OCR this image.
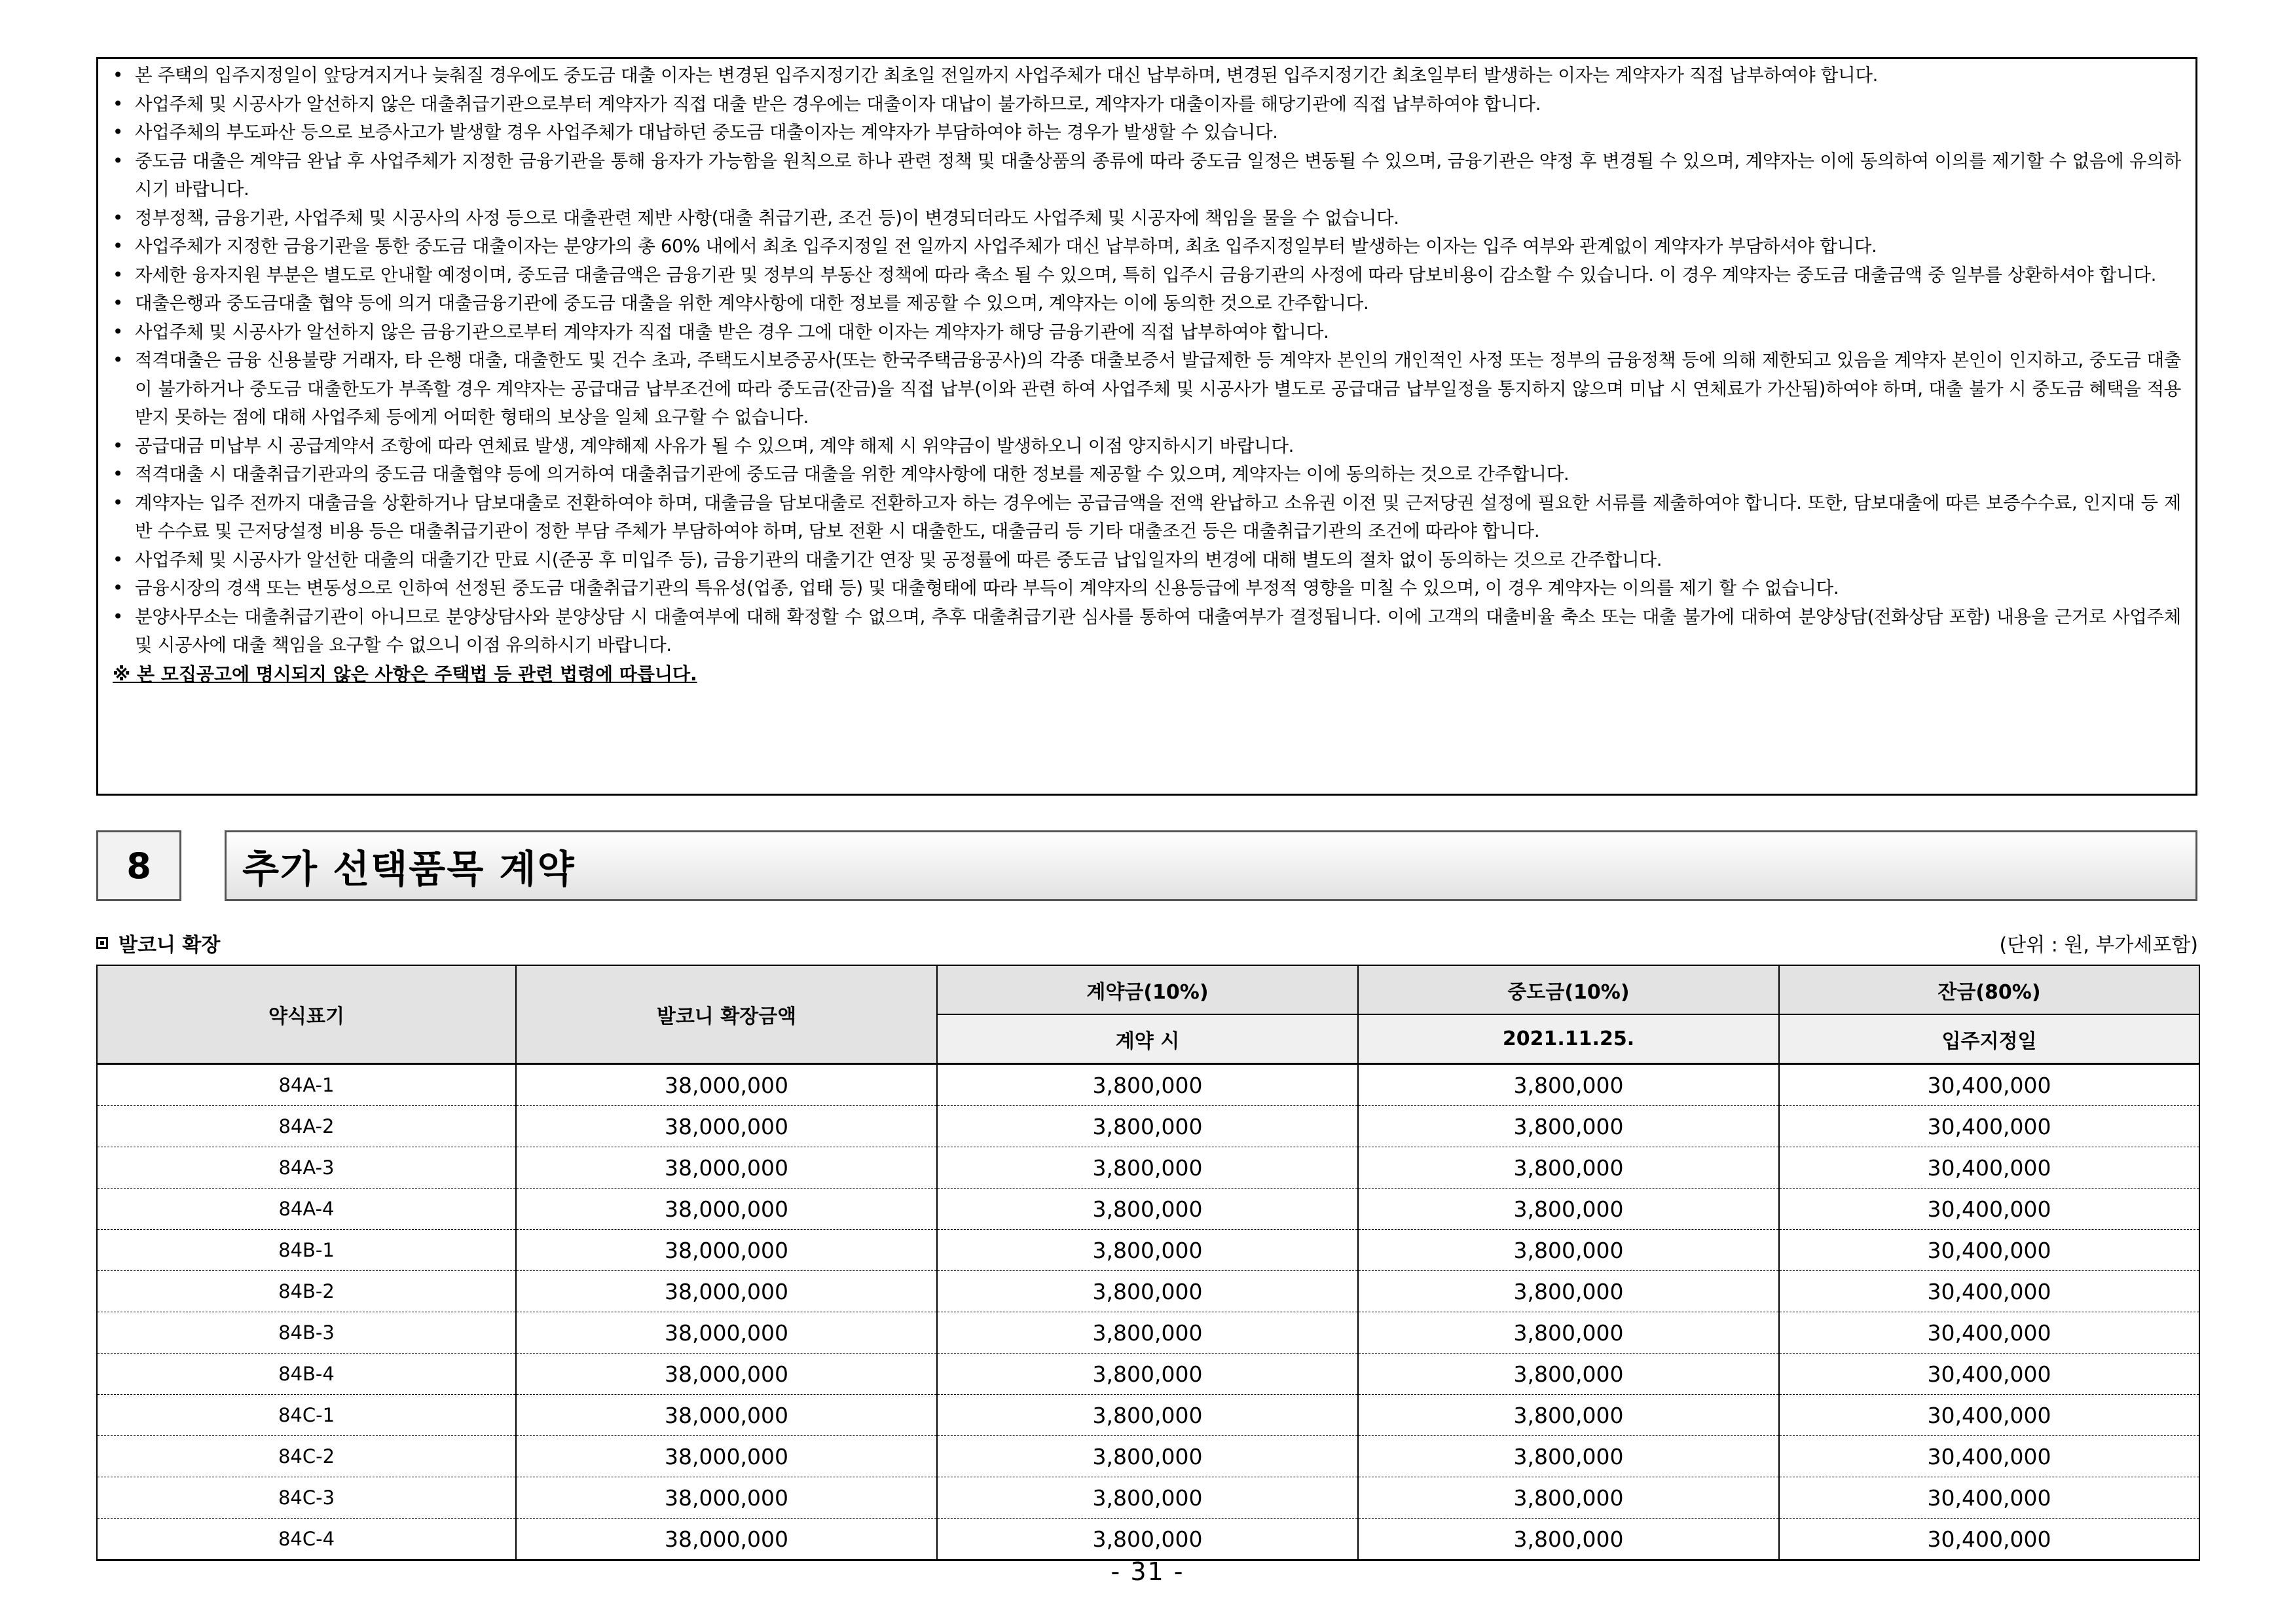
• 본 주택의 입주지정일이 앞당겨지거나 늦춰질 경우에도 중도금 대출 이자는 변경된 입주지정기간 최초일 전일까지 사업주체가 대신 납부하며, 변경된 입주지정기간 최초일부터 발생하는 이자는 계약자가 직접 납부하여야 합니다.
• 사업주체 및 시공사가 알선하지 않은 대출취급기관으로부터 계약자가 직접 대출 받은 경우에는 대출이자 대납이 불가하므로, 계약자가 대출이자를 해당기관에 직접 납부하여야 합니다.
• 사업주체의 부도파산 등으로 보증사고가 발생할 경우 사업주체가 대납하던 중도금 대출이자는 계약자가 부담하여야 하는 경우가 발생할 수 있습니다.
• 중도금 대출은 계약금 완납 후 사업주체가 지정한 금융기관을 통해 융자가 가능함을 원칙으로 하나 관련 정책 및 대출상품의 종류에 따라 중도금 일정은 변동될 수 있으며, 금융기관은 약정 후 변경될 수 있으며, 계약자는 이에 동의하여 이의를 제기할 수 없음에 유의하시기 바랍니다.
• 정부정책, 금융기관, 사업주체 및 시공사의 사정 등으로 대출관련 제반 사항(대출 취급기관, 조건 등)이 변경되더라도 사업주체 및 시공자에 책임을 물을 수 없습니다.
• 사업주체가 지정한 금융기관을 통한 중도금 대출이자는 분양가의 총 60% 내에서 최초 입주지정일 전 일까지 사업주체가 대신 납부하며, 최초 입주지정일부터 발생하는 이자는 입주 여부와 관계없이 계약자가 부담하셔야 합니다.
• 자세한 융자지원 부분은 별도로 안내할 예정이며, 중도금 대출금액은 금융기관 및 정부의 부동산 정책에 따라 축소 될 수 있으며, 특히 입주시 금융기관의 사정에 따라 담보비용이 감소할 수 있습니다. 이 경우 계약자는 중도금 대출금액 중 일부를 상환하셔야 합니다.
• 대출은행과 중도금대출 협약 등에 의거 대출금융기관에 중도금 대출을 위한 계약사항에 대한 정보를 제공할 수 있으며, 계약자는 이에 동의한 것으로 간주합니다.
• 사업주체 및 시공사가 알선하지 않은 금융기관으로부터 계약자가 직접 대출 받은 경우 그에 대한 이자는 계약자가 해당 금융기관에 직접 납부하여야 합니다.
• 적격대출은 금융 신용불량 거래자, 타 은행 대출, 대출한도 및 건수 초과, 주택도시보증공사(또는 한국주택금융공사)의 각종 대출보증서 발급제한 등 계약자 본인의 개인적인 사정 또는 정부의 금융정책 등에 의해 제한되고 있음을 계약자 본인이 인지하고, 중도금 대출이 불가하거나 중도금 대출한도가 부족할 경우 계약자는 공급대금 납부조건에 따라 중도금(잔금)을 직접 납부(이와 관련 하여 사업주체 및 시공사가 별도로 공급대금 납부일정을 통지하지 않으며 미납 시 연체료가 가산됨)하여야 하며, 대출 불가 시 중도금 혜택을 적용받지 못하는 점에 대해 사업주체 등에게 어떠한 형태의 보상을 일체 요구할 수 없습니다.
• 공급대금 미납부 시 공급계약서 조항에 따라 연체료 발생, 계약해제 사유가 될 수 있으며, 계약 해제 시 위약금이 발생하오니 이점 양지하시기 바랍니다.
• 적격대출 시 대출취급기관과의 중도금 대출협약 등에 의거하여 대출취급기관에 중도금 대출을 위한 계약사항에 대한 정보를 제공할 수 있으며, 계약자는 이에 동의하는 것으로 간주합니다.
• 계약자는 입주 전까지 대출금을 상환하거나 담보대출로 전환하여야 하며, 대출금을 담보대출로 전환하고자 하는 경우에는 공급금액을 전액 완납하고 소유권 이전 및 근저당권 설정에 필요한 서류를 제출하여야 합니다. 또한, 담보대출에 따른 보증수수료, 인지대 등 제반 수수료 및 근저당설정 비용 등은 대출취급기관이 정한 부담 주체가 부담하여야 하며, 담보 전환 시 대출한도, 대출금리 등 기타 대출조건 등은 대출취급기관의 조건에 따라야 합니다.
• 사업주체 및 시공사가 알선한 대출의 대출기간 만료 시(준공 후 미입주 등), 금융기관의 대출기간 연장 및 공정률에 따른 중도금 납입일자의 변경에 대해 별도의 절차 없이 동의하는 것으로 간주합니다.
• 금융시장의 경색 또는 변동성으로 인하여 선정된 중도금 대출취급기관의 특유성(업종, 업태 등) 및 대출형태에 따라 부득이 계약자의 신용등급에 부정적 영향을 미칠 수 있으며, 이 경우 계약자는 이의를 제기 할 수 없습니다.
• 분양사무소는 대출취급기관이 아니므로 분양상담사와 분양상담 시 대출여부에 대해 확정할 수 없으며, 추후 대출취급기관 심사를 통하여 대출여부가 결정됩니다. 이에 고객의 대출비율 축소 또는 대출 불가에 대하여 분양상담(전화상담 포함) 내용을 근거로 사업주체 및 시공사에 대출 책임을 요구할 수 없으니 이점 유의하시기 바랍니다.
※ 본 모집공고에 명시되지 않은 사항은 주택법 등 관련 법령에 따릅니다.
8	추가 선택품목 계약
발코니 확장	(단위 : 원, 부가세포함)
약식표기	발코니 확장금액	계약금(10%)	중도금(10%)	잔금(80%)
		계약 시	2021.11.25.	입주지정일
84A-1	38,000,000	3,800,000	3,800,000	30,400,000
84A-2	38,000,000	3,800,000	3,800,000	30,400,000
84A-3	38,000,000	3,800,000	3,800,000	30,400,000
84A-4	38,000,000	3,800,000	3,800,000	30,400,000
84B-1	38,000,000	3,800,000	3,800,000	30,400,000
84B-2	38,000,000	3,800,000	3,800,000	30,400,000
84B-3	38,000,000	3,800,000	3,800,000	30,400,000
84B-4	38,000,000	3,800,000	3,800,000	30,400,000
84C-1	38,000,000	3,800,000	3,800,000	30,400,000
84C-2	38,000,000	3,800,000	3,800,000	30,400,000
84C-3	38,000,000	3,800,000	3,800,000	30,400,000
84C-4	38,000,000	3,800,000	3,800,000	30,400,000
- 31 -
